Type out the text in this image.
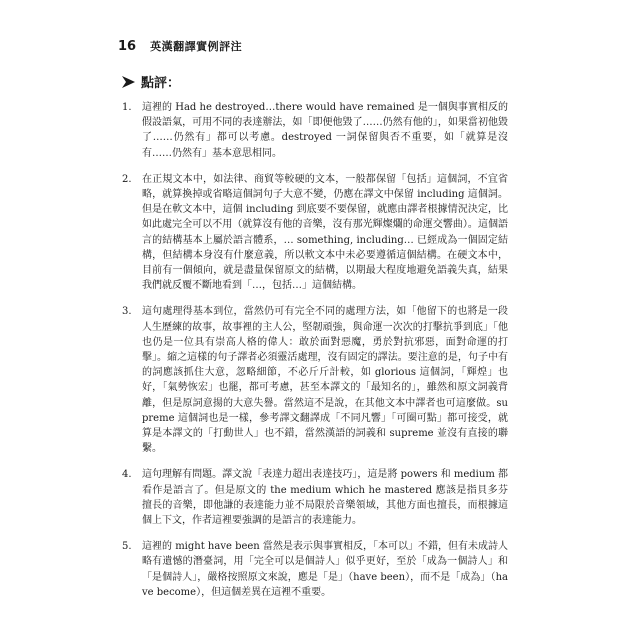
16 英漢翻譯實例評注
點評：
1.	這裡的 Had he destroyed…there would have remained 是一個與事實相反的假設語氣，可用不同的表達辦法，如「即便他毀了……仍然有他的」，如果當初他毀了……仍然有」都可以考慮。destroyed 一詞保留與否不重要，如「就算是沒有……仍然有」基本意思相同。
2.	在正規文本中，如法律、商貿等較硬的文本，一般都保留「包括」這個詞，不宜省略，就算換掉或省略這個詞句子大意不變，仍應在譯文中保留 including 這個詞。但是在軟文本中，這個 including 到底要不要保留，就應由譯者根據情況決定，比如此處完全可以不用（就算沒有他的音樂，沒有那光輝燦爛的命運交響曲）。這個語言的結構基本上屬於語言體系，… something, including… 已經成為一個固定結構，但結構本身沒有什麼意義，所以軟文本中未必要遵循這個結構。在硬文本中，目前有一個傾向，就是盡量保留原文的結構，以期最大程度地避免語義失真，結果我們就反覆不斷地看到「…，包括…」這個結構。
3.	這句處理得基本到位，當然仍可有完全不同的處理方法，如「他留下的也將是一段人生歷練的故事，故事裡的主人公，堅韌頑強，與命運一次次的打擊抗爭到底」「他也仍是一位具有崇高人格的偉人：敢於面對惡魔，勇於對抗邪惡，面對命運的打擊」。縮之這樣的句子譯者必須靈活處理，沒有固定的譯法。要注意的是，句子中有的詞應該抓住大意，忽略細節，不必斤斤計較，如 glorious 這個詞，「輝煌」也好，「氣勢恢宏」也罷，都可考慮，甚至本譯文的「最知名的」，雖然和原文詞義背離，但是原詞意揚的大意失譽。當然這不是說，在其他文本中譯者也可這麼做。supreme 這個詞也是一樣，參考譯文翻譯成「不同凡響」「可圈可點」都可接受，就算是本譯文的「打動世人」也不錯，當然漢語的詞義和 supreme 並沒有直接的聯繫。
4.	這句理解有問題。譯文說「表達力超出表達技巧」，這是將 powers 和 medium 都看作是語言了。但是原文的 the medium which he mastered 應該是指貝多芬擅長的音樂，即他謙的表達能力並不局限於音樂領域，其他方面也擅長，而根據這個上下文，作者這裡要強調的是語言的表達能力。
5.	這裡的 might have been 當然是表示與事實相反，「本可以」不錯，但有未成詩人略有遺憾的潛臺詞，用「完全可以是個詩人」似乎更好，至於「成為一個詩人」和「是個詩人」，嚴格按照原文來說，應是「是」（have been），而不是「成為」（have become），但這個差異在這裡不重要。
